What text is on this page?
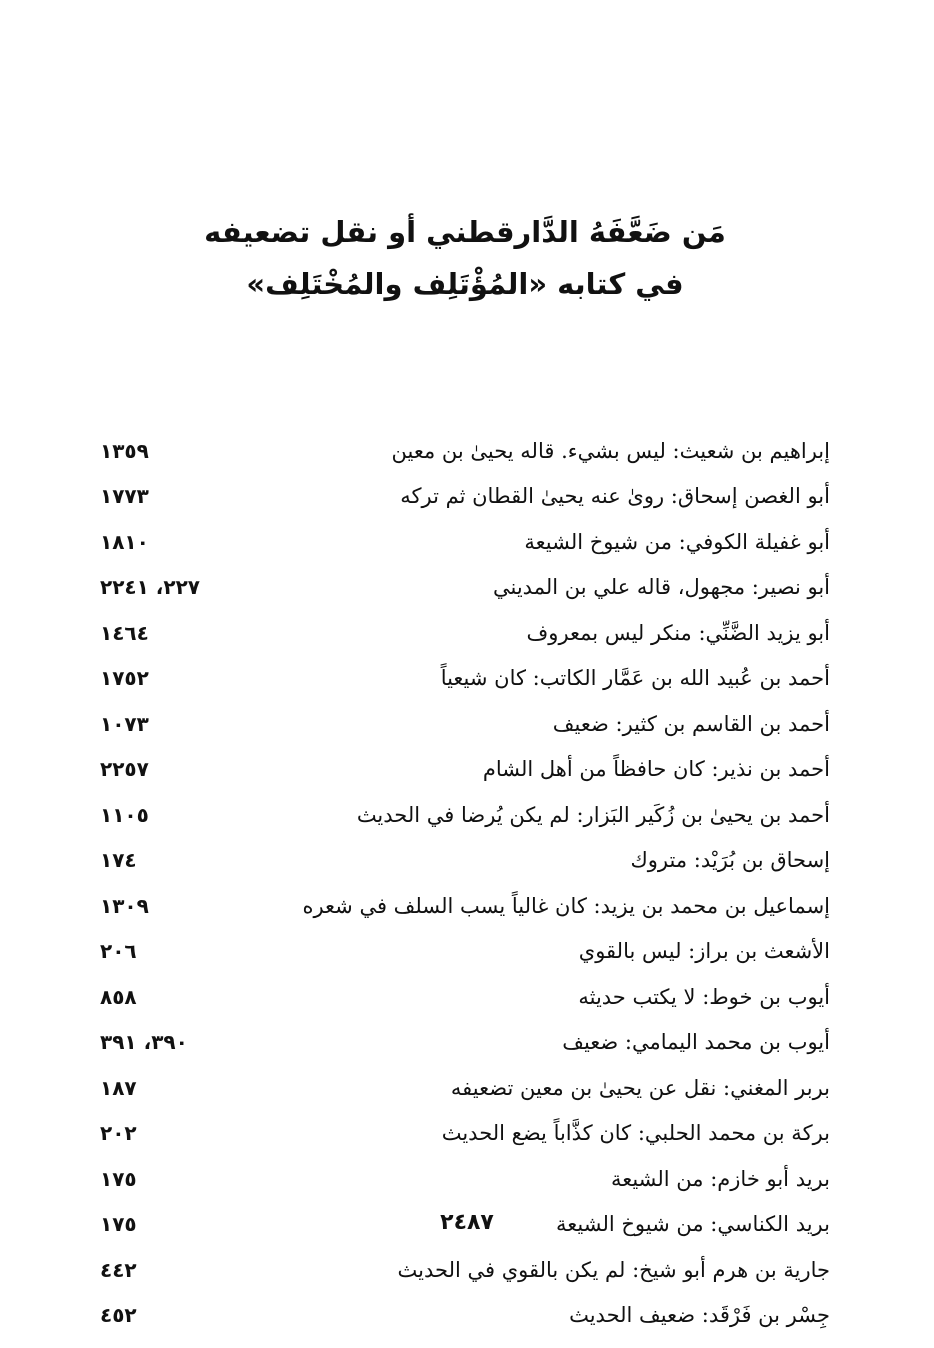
مَن ضَعَّفَهُ الدَّارقطني أو نقل تضعيفه
في كتابه «المُؤْتَلِف والمُخْتَلِف»
إبراهيم بن شعيث: ليس بشيء. قاله يحيىٰ بن معين
١٣٥٩
أبو الغصن إسحاق: روىٰ عنه يحيىٰ القطان ثم تركه
١٧٧٣
أبو غفيلة الكوفي: من شيوخ الشيعة
١٨١٠
أبو نصير: مجهول، قاله علي بن المديني
٢٢٧، ٢٢٤١
أبو يزيد الضَّنِّي: منكر ليس بمعروف
١٤٦٤
أحمد بن عُبيد الله بن عَمَّار الكاتب: كان شيعياً
١٧٥٢
أحمد بن القاسم بن كثير: ضعيف
١٠٧٣
أحمد بن نذير: كان حافظاً من أهل الشام
٢٢٥٧
أحمد بن يحيىٰ بن زُكَير البَزار: لم يكن يُرضا في الحديث
١١٠٥
إسحاق بن بُرَيْد: متروك
١٧٤
إسماعيل بن محمد بن يزيد: كان غالياً يسب السلف في شعره
١٣٠٩
الأشعث بن براز: ليس بالقوي
٢٠٦
أيوب بن خوط: لا يكتب حديثه
٨٥٨
أيوب بن محمد اليمامي: ضعيف
٣٩٠، ٣٩١
بربر المغني: نقل عن يحيىٰ بن معين تضعيفه
١٨٧
بركة بن محمد الحلبي: كان كذَّاباً يضع الحديث
٢٠٢
بريد أبو خازم: من الشيعة
١٧٥
بريد الكناسي: من شيوخ الشيعة
١٧٥
جارية بن هرم أبو شيخ: لم يكن بالقوي في الحديث
٤٤٢
جِسْر بن فَرْقَد: ضعيف الحديث
٤٥٢
٢٤٨٧
